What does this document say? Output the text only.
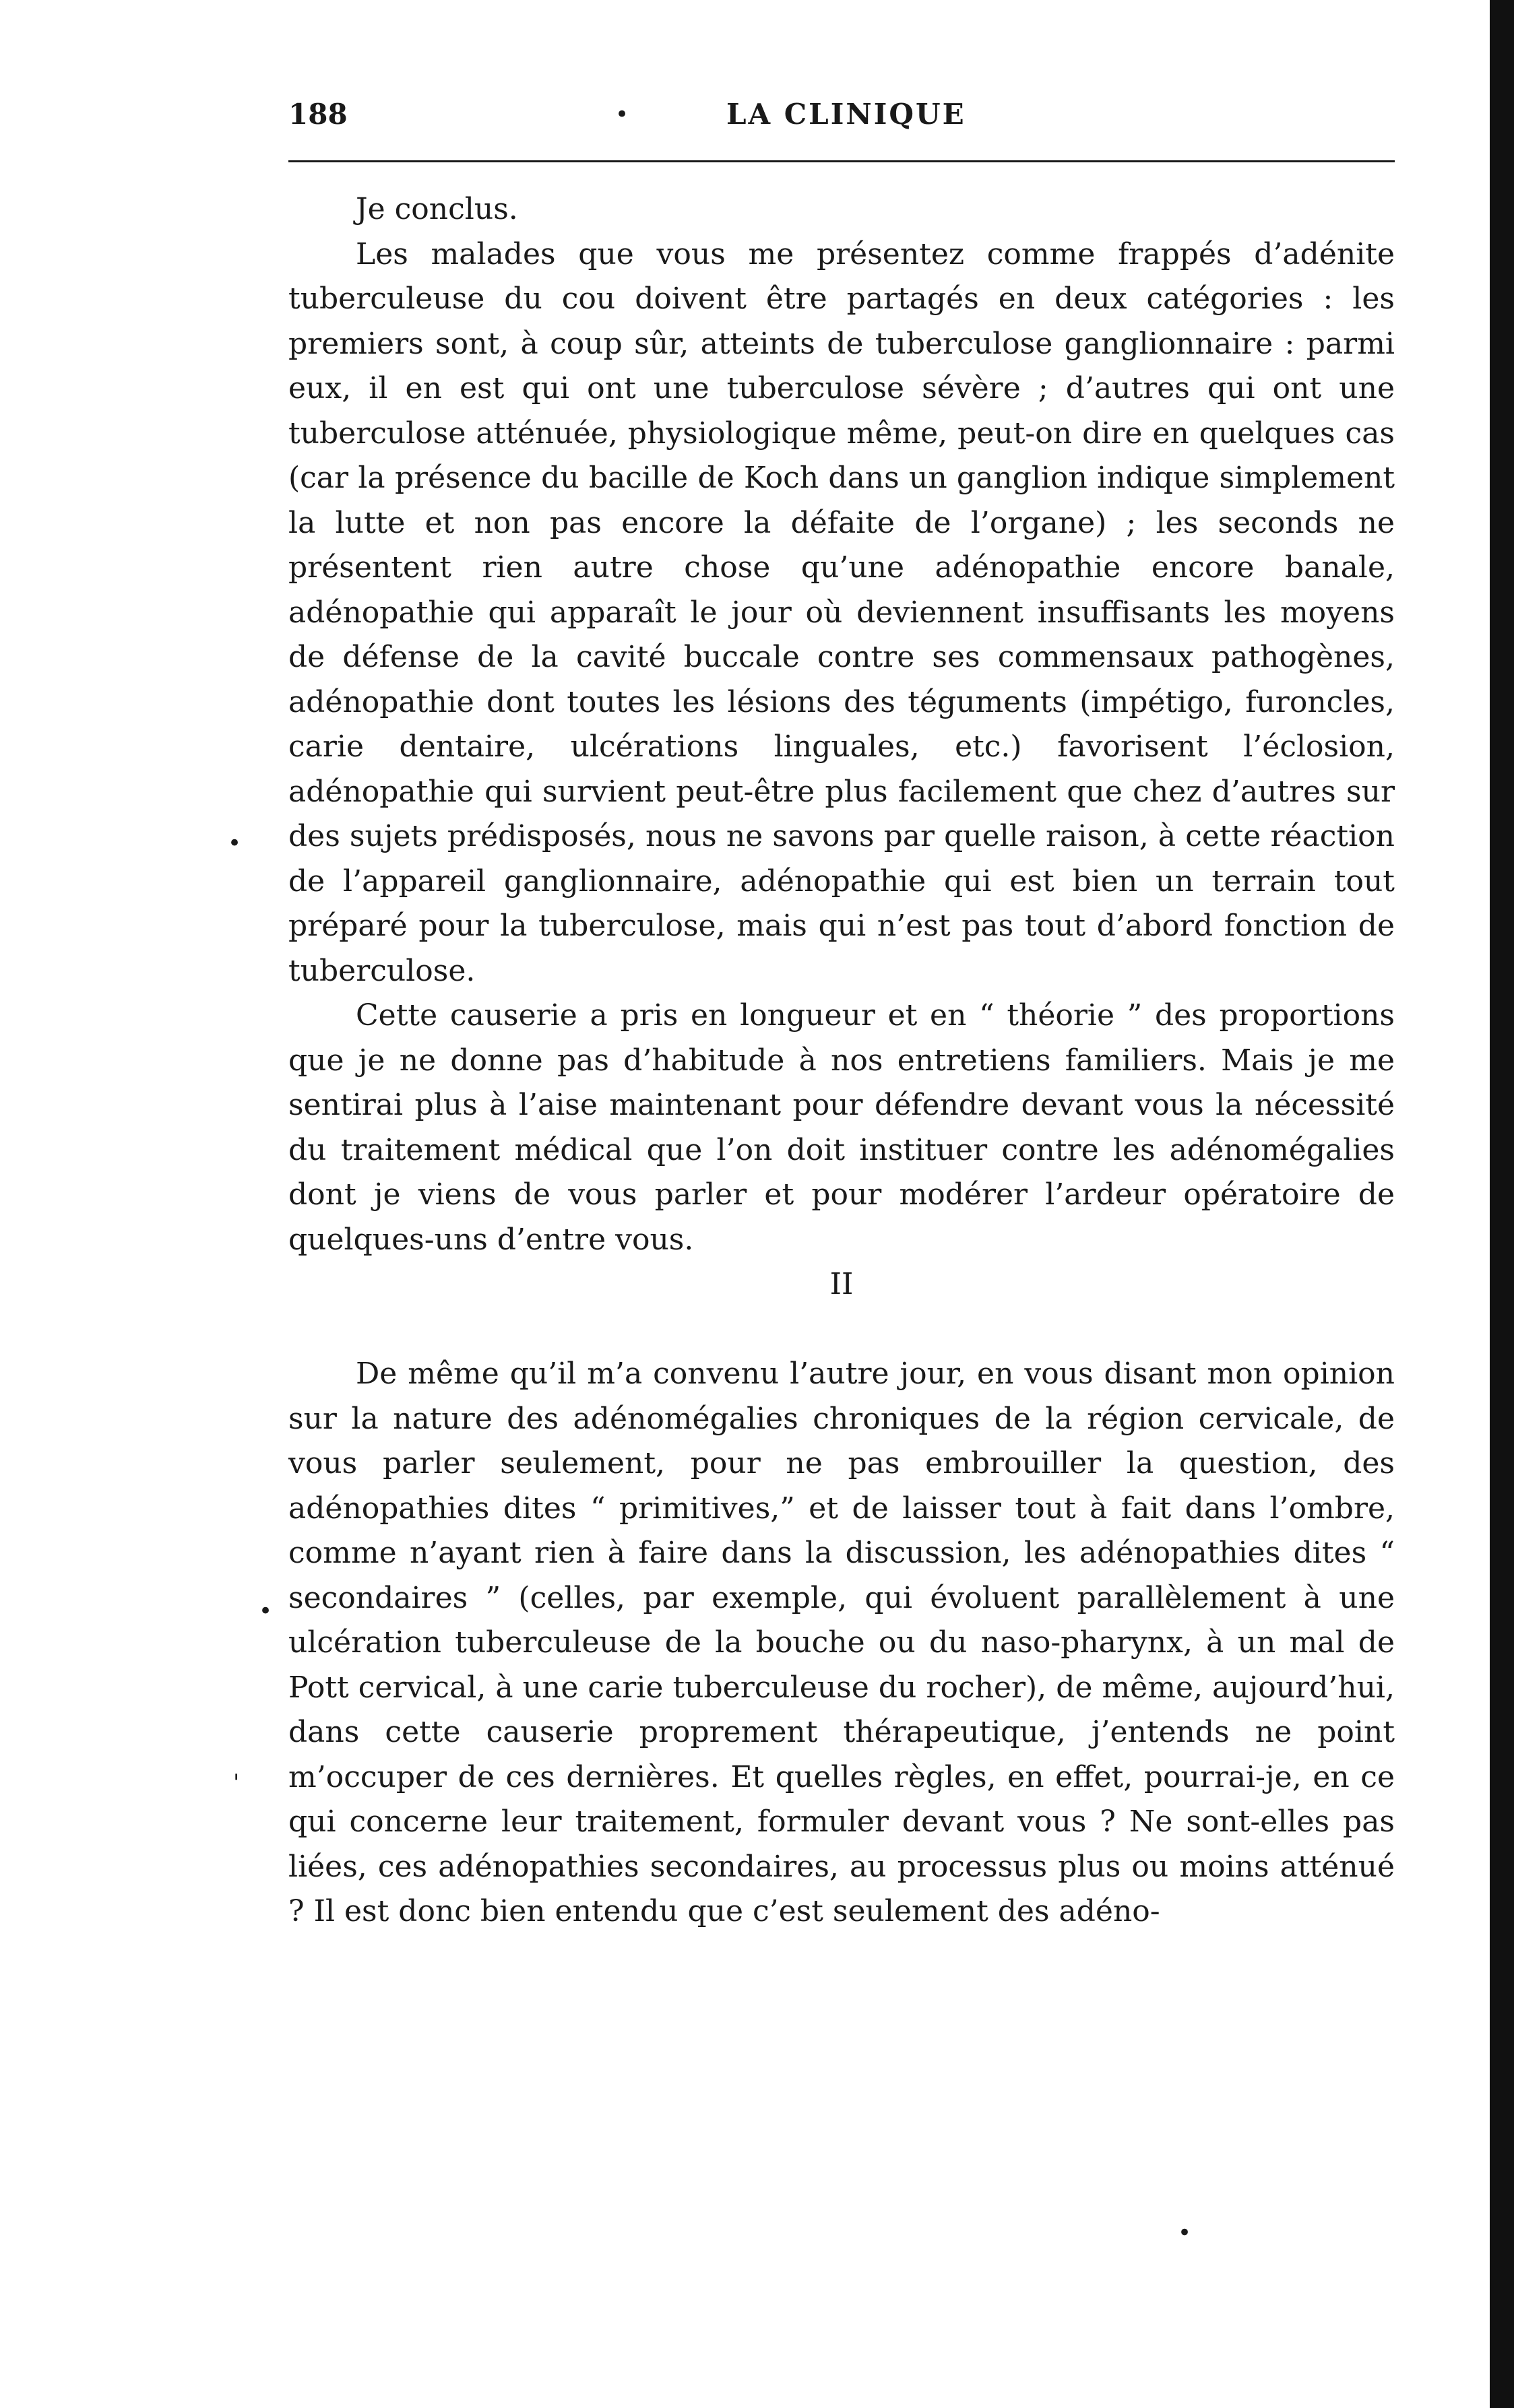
188	•	LA CLINIQUE

Je conclus.

Les malades que vous me présentez comme frappés d’adénite tuberculeuse du cou doivent être partagés en deux catégories : les premiers sont, à coup sûr, atteints de tuberculose ganglionnaire : parmi eux, il en est qui ont une tuberculose sévère ; d’autres qui ont une tuberculose atténuée, physiologique même, peut-on dire en quelques cas (car la présence du bacille de Koch dans un ganglion indique simplement la lutte et non pas encore la défaite de l’organe) ; les seconds ne présentent rien autre chose qu’une adénopathie encore banale, adénopathie qui apparaît le jour où deviennent insuffisants les moyens de défense de la cavité buccale contre ses commensaux pathogènes, adénopathie dont toutes les lésions des téguments (impétigo, furoncles, carie dentaire, ulcérations linguales, etc.) favorisent l’éclosion, adénopathie qui survient peut-être plus facilement que chez d’autres sur des sujets prédisposés, nous ne savons par quelle raison, à cette réaction de l’appareil ganglionnaire, adénopathie qui est bien un terrain tout préparé pour la tuberculose, mais qui n’est pas tout d’abord fonction de tuberculose.

Cette causerie a pris en longueur et en “ théorie ” des proportions que je ne donne pas d’habitude à nos entretiens familiers. Mais je me sentirai plus à l’aise maintenant pour défendre devant vous la nécessité du traitement médical que l’on doit instituer contre les adénomégalies dont je viens de vous parler et pour modérer l’ardeur opératoire de quelques-uns d’entre vous.

II

De même qu’il m’a convenu l’autre jour, en vous disant mon opinion sur la nature des adénomégalies chroniques de la région cervicale, de vous parler seulement, pour ne pas embrouiller la question, des adénopathies dites “ primitives,” et de laisser tout à fait dans l’ombre, comme n’ayant rien à faire dans la discussion, les adénopathies dites “ secondaires ” (celles, par exemple, qui évoluent parallèlement à une ulcération tuberculeuse de la bouche ou du naso-pharynx, à un mal de Pott cervical, à une carie tuberculeuse du rocher), de même, aujourd’hui, dans cette causerie proprement thérapeutique, j’entends ne point m’occuper de ces dernières. Et quelles règles, en effet, pourrai-je, en ce qui concerne leur traitement, formuler devant vous ? Ne sont-elles pas liées, ces adénopathies secondaires, au processus plus ou moins atténué ? Il est donc bien entendu que c’est seulement des adéno-

•
•
'
•
